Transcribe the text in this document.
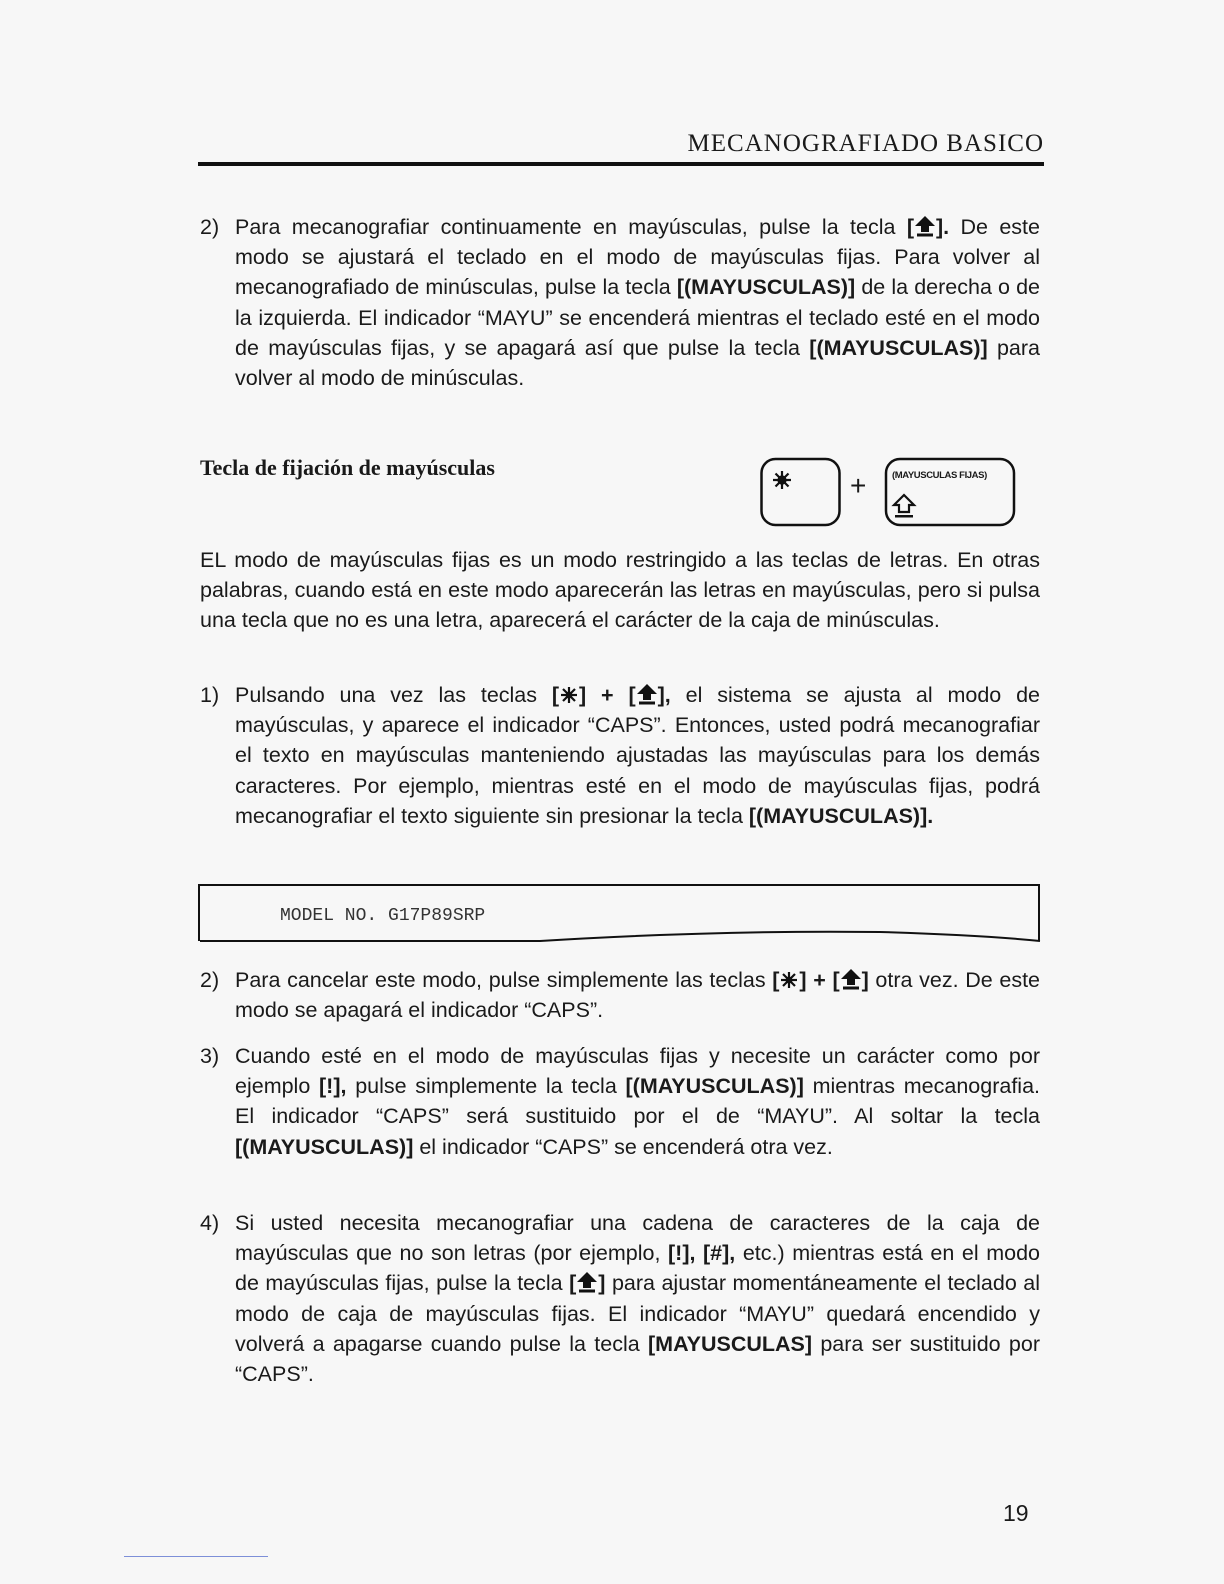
MECANOGRAFIADO BASICO
2) Para mecanografiar continuamente en mayúsculas, pulse la tecla [ ]. De este modo se ajustará el teclado en el modo de mayúsculas fijas. Para volver al mecanografiado de minúsculas, pulse la tecla [(MAYUSCULAS)] de la derecha o de la izquierda. El indicador “MAYU” se encenderá mientras el teclado esté en el modo de mayúsculas fijas, y se apagará así que pulse la tecla [(MAYUSCULAS)] para volver al modo de minúsculas.
Tecla de fijación de mayúsculas
+	(MAYUSCULAS FIJAS)
EL modo de mayúsculas fijas es un modo restringido a las teclas de letras. En otras palabras, cuando está en este modo aparecerán las letras en mayúsculas, pero si pulsa una tecla que no es una letra, aparecerá el carácter de la caja de minúsculas.
1) Pulsando una vez las teclas [ ] + [ ], el sistema se ajusta al modo de mayúsculas, y aparece el indicador “CAPS”. Entonces, usted podrá mecanografiar el texto en mayúsculas manteniendo ajustadas las mayúsculas para los demás caracteres. Por ejemplo, mientras esté en el modo de mayúsculas fijas, podrá mecanografiar el texto siguiente sin presionar la tecla [(MAYUSCULAS)].
MODEL NO. G17P89SRP
2) Para cancelar este modo, pulse simplemente las teclas [ ] + [ ] otra vez. De este modo se apagará el indicador “CAPS”.
3) Cuando esté en el modo de mayúsculas fijas y necesite un carácter como por ejemplo [!], pulse simplemente la tecla [(MAYUSCULAS)] mientras mecanografia. El indicador “CAPS” será sustituido por el de “MAYU”. Al soltar la tecla [(MAYUSCULAS)] el indicador “CAPS” se encenderá otra vez.
4) Si usted necesita mecanografiar una cadena de caracteres de la caja de mayúsculas que no son letras (por ejemplo, [!], [#], etc.) mientras está en el modo de mayúsculas fijas, pulse la tecla [ ] para ajustar momentáneamente el teclado al modo de caja de mayúsculas fijas. El indicador “MAYU” quedará encendido y volverá a apagarse cuando pulse la tecla [MAYUSCULAS] para ser sustituido por “CAPS”.
19
